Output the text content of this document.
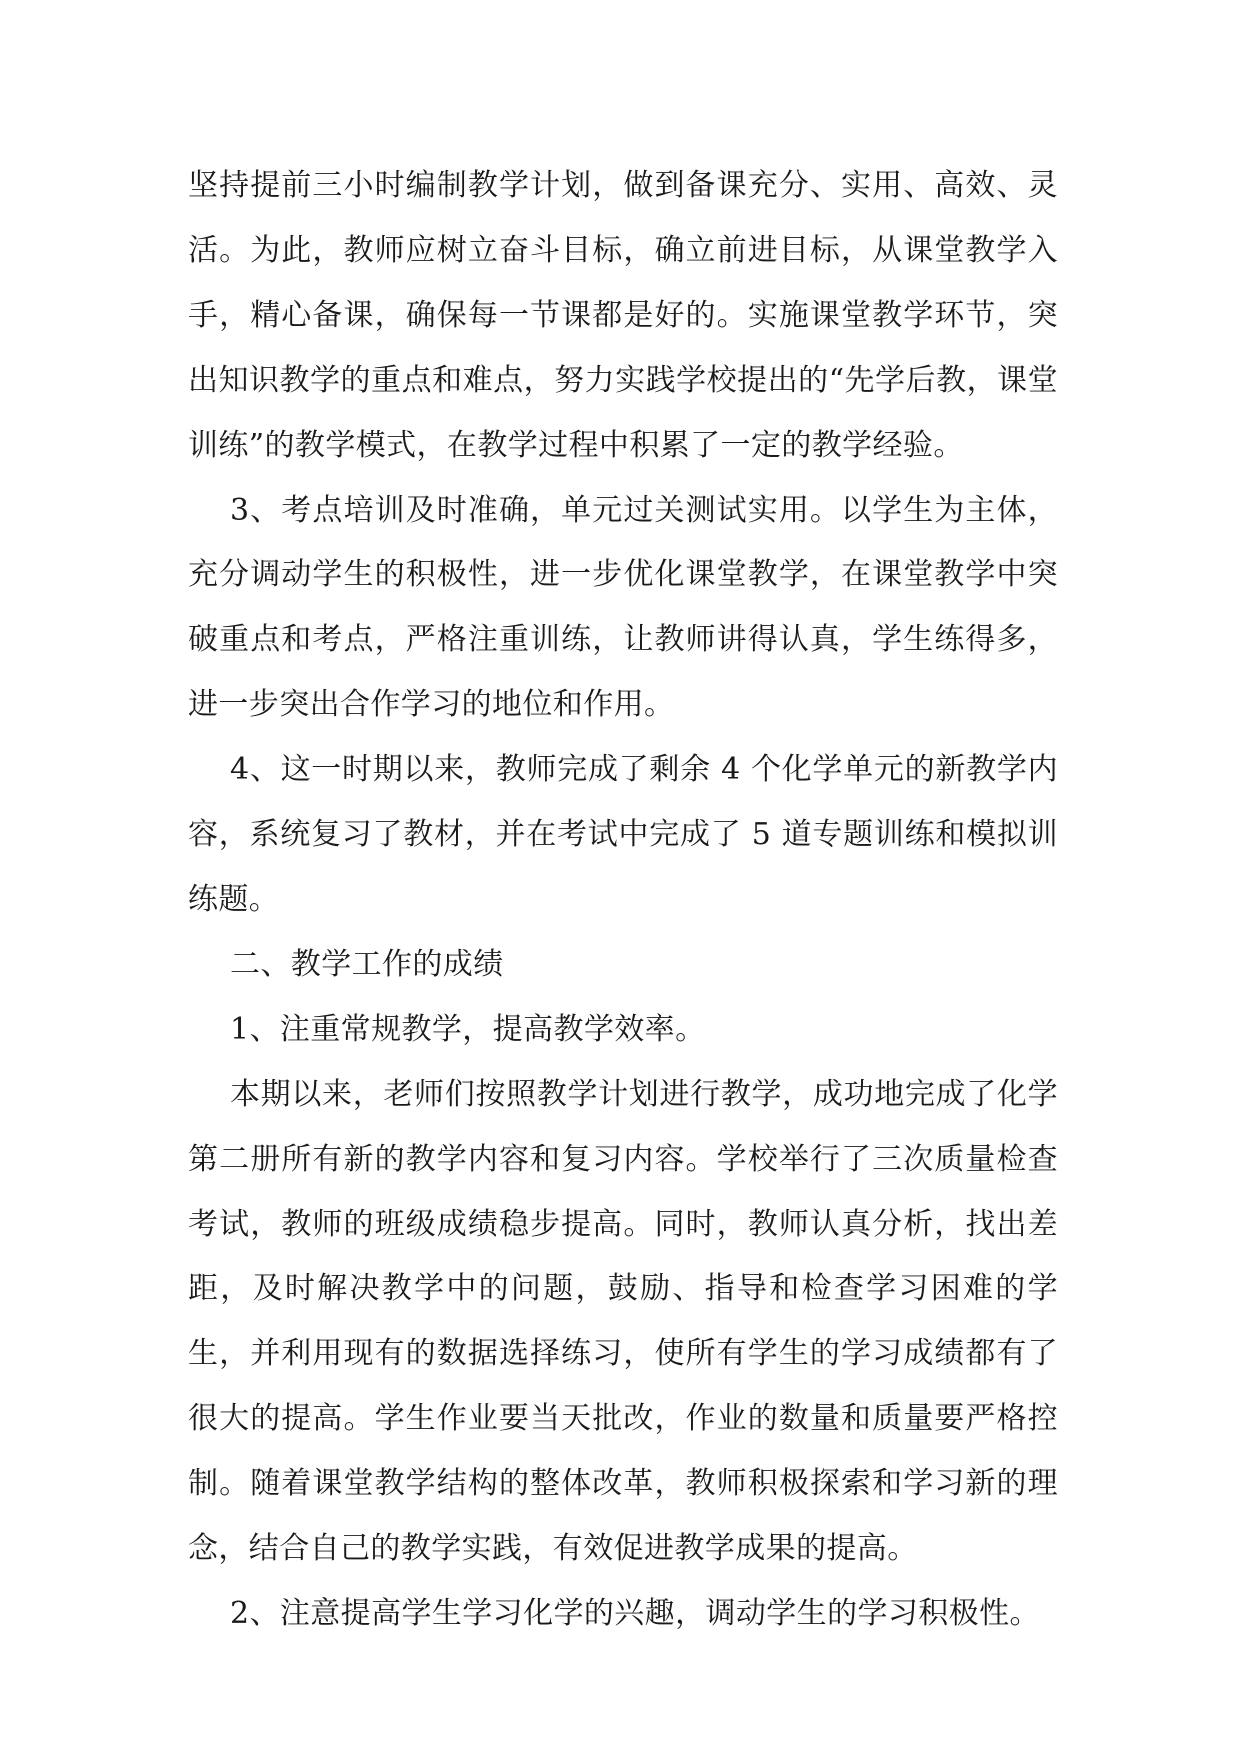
坚持提前三小时编制教学计划，做到备课充分、实用、高效、灵活。为此，教师应树立奋斗目标，确立前进目标，从课堂教学入手，精心备课，确保每一节课都是好的。实施课堂教学环节，突出知识教学的重点和难点，努力实践学校提出的“先学后教，课堂训练”的教学模式，在教学过程中积累了一定的教学经验。

3、考点培训及时准确，单元过关测试实用。以学生为主体，充分调动学生的积极性，进一步优化课堂教学，在课堂教学中突破重点和考点，严格注重训练，让教师讲得认真，学生练得多，进一步突出合作学习的地位和作用。

4、这一时期以来，教师完成了剩余 4 个化学单元的新教学内容，系统复习了教材，并在考试中完成了 5 道专题训练和模拟训练题。

二、教学工作的成绩

1、注重常规教学，提高教学效率。

本期以来，老师们按照教学计划进行教学，成功地完成了化学第二册所有新的教学内容和复习内容。学校举行了三次质量检查考试，教师的班级成绩稳步提高。同时，教师认真分析，找出差距，及时解决教学中的问题，鼓励、指导和检查学习困难的学生，并利用现有的数据选择练习，使所有学生的学习成绩都有了很大的提高。学生作业要当天批改，作业的数量和质量要严格控制。随着课堂教学结构的整体改革，教师积极探索和学习新的理念，结合自己的教学实践，有效促进教学成果的提高。

2、注意提高学生学习化学的兴趣，调动学生的学习积极性。
